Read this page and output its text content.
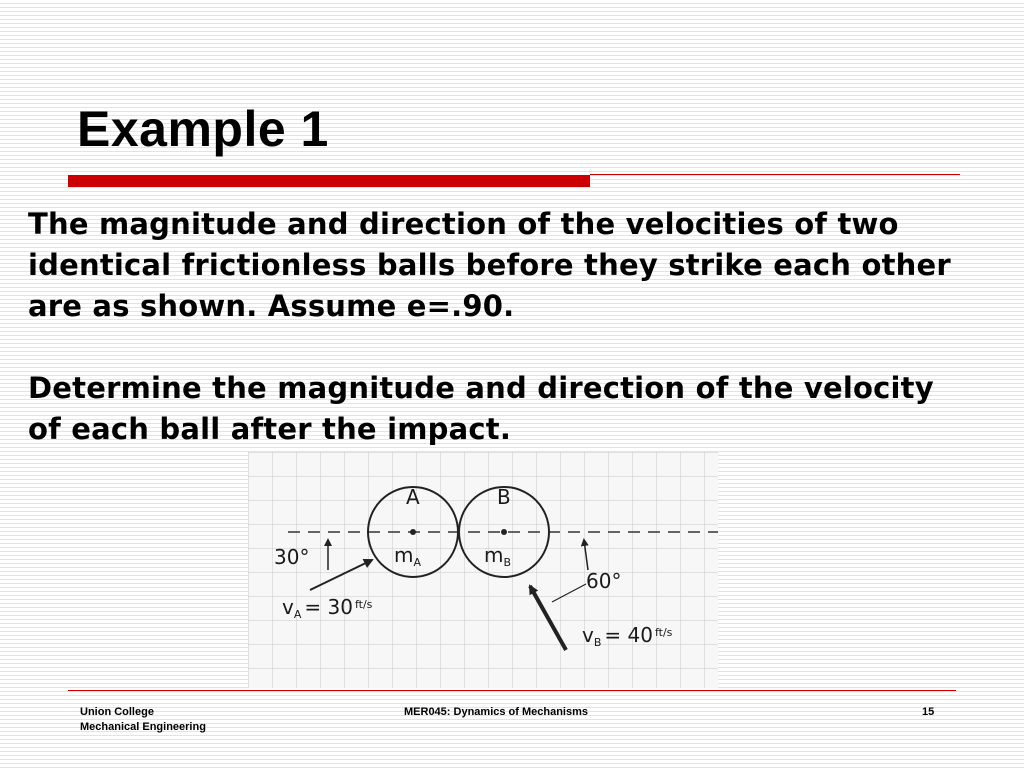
Example 1

The magnitude and direction of the velocities of two identical frictionless balls before they strike each other are as shown. Assume e=.90.

Determine the magnitude and direction of the velocity of each ball after the impact.

A
$m_A$
B
$m_B$
30°
$v_A = 30$ $^{ft/s}$
60°
$v_B = 40$ $^{ft/s}$
Union College
Mechanical Engineering
MER045: Dynamics of Mechanisms	15
